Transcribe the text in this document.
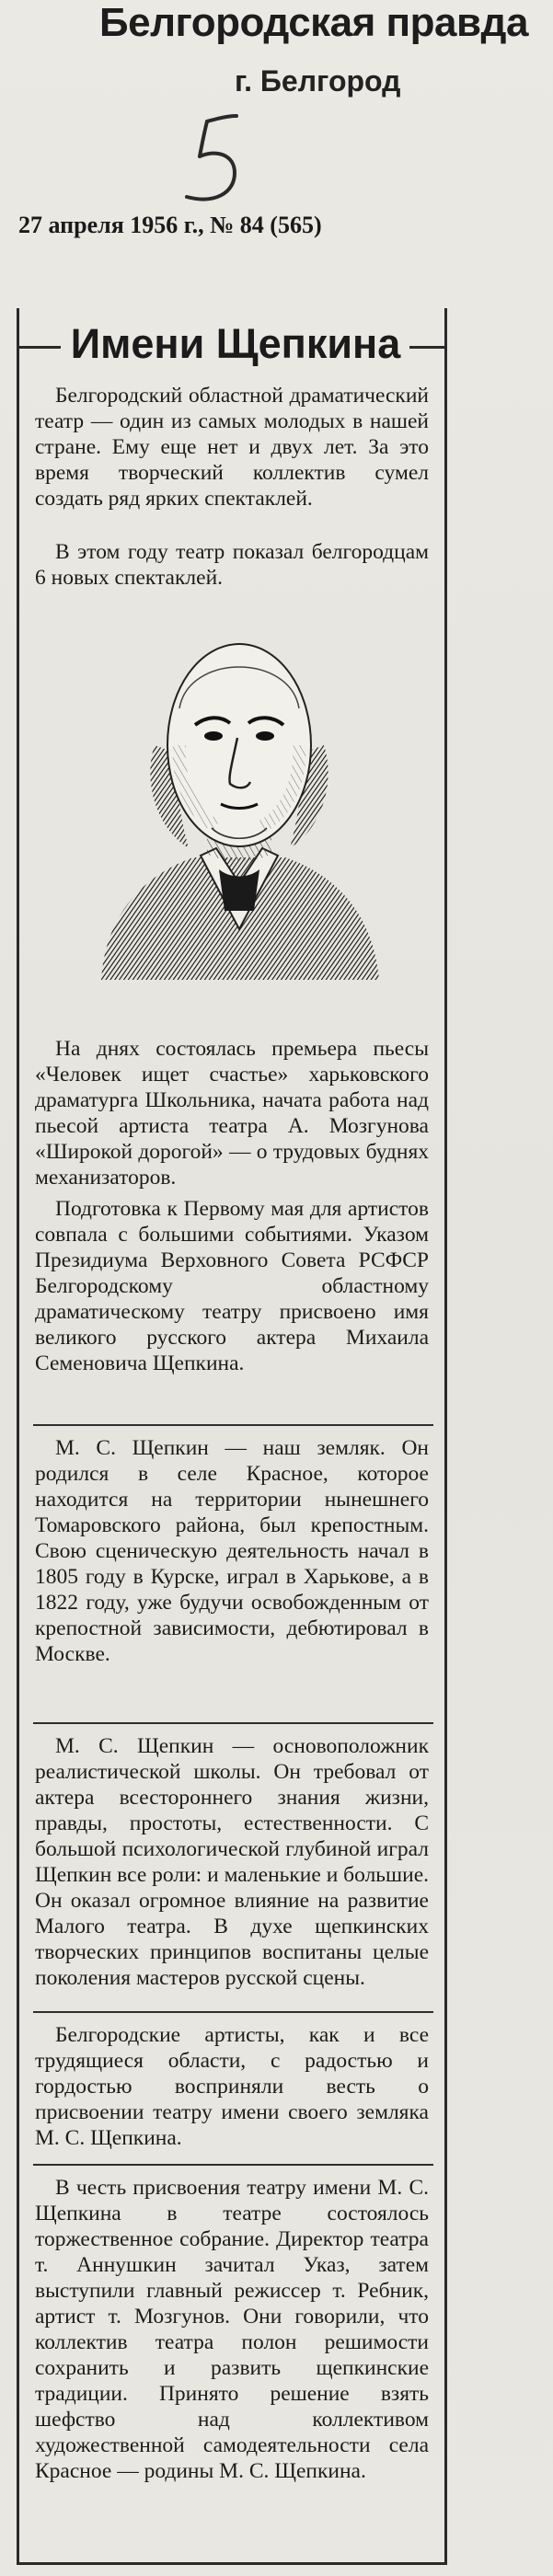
Белгородская правда
г. Белгород
27 апреля 1956 г., № 84 (565)
Имени Щепкина

Белгородский областной драматический театр — один из самых молодых в нашей стране. Ему еще нет и двух лет. За это время творческий коллектив сумел создать ряд ярких спектаклей.

В этом году театр показал белгородцам 6 новых спектаклей.

На днях состоялась премьера пьесы «Человек ищет счастье» харьковского драматурга Школьника, начата работа над пьесой артиста театра А. Мозгунова «Широкой дорогой» — о трудовых буднях механизаторов.

Подготовка к Первому мая для артистов совпала с большими событиями. Указом Президиума Верховного Совета РСФСР Белгородскому областному драматическому театру присвоено имя великого русского актера Михаила Семеновича Щепкина.

М. С. Щепкин — наш земляк. Он родился в селе Красное, которое находится на территории нынешнего Томаровского района, был крепостным. Свою сценическую деятельность начал в 1805 году в Курске, играл в Харькове, а в 1822 году, уже будучи освобожденным от крепостной зависимости, дебютировал в Москве.

М. С. Щепкин — основоположник реалистической школы. Он требовал от актера всестороннего знания жизни, правды, простоты, естественности. С большой психологической глубиной играл Щепкин все роли: и маленькие и большие. Он оказал огромное влияние на развитие Малого театра. В духе щепкинских творческих принципов воспитаны целые поколения мастеров русской сцены.

Белгородские артисты, как и все трудящиеся области, с радостью и гордостью восприняли весть о присвоении театру имени своего земляка М. С. Щепкина.

В честь присвоения театру имени М. С. Щепкина в театре состоялось торжественное собрание. Директор театра т. Аннушкин зачитал Указ, затем выступили главный режиссер т. Ребник, артист т. Мозгунов. Они говорили, что коллектив театра полон решимости сохранить и развить щепкинские традиции. Принято решение взять шефство над коллективом художественной самодеятельности села Красное — родины М. С. Щепкина.
